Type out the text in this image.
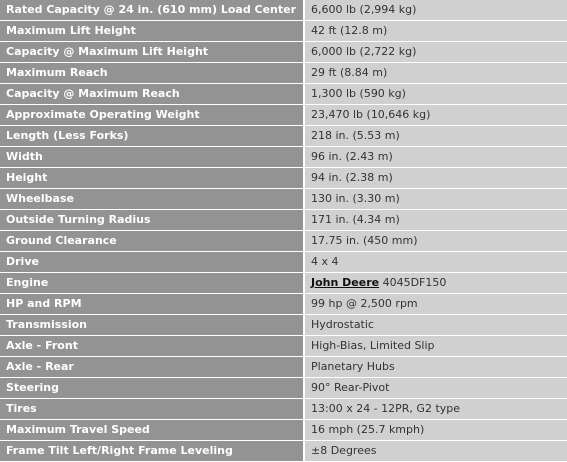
Rated Capacity @ 24 in. (610 mm) Load Center	6,600 lb (2,994 kg)
Maximum Lift Height	42 ft (12.8 m)
Capacity @ Maximum Lift Height	6,000 lb (2,722 kg)
Maximum Reach	29 ft (8.84 m)
Capacity @ Maximum Reach	1,300 lb (590 kg)
Approximate Operating Weight	23,470 lb (10,646 kg)
Length (Less Forks)	218 in. (5.53 m)
Width	96 in. (2.43 m)
Height	94 in. (2.38 m)
Wheelbase	130 in. (3.30 m)
Outside Turning Radius	171 in. (4.34 m)
Ground Clearance	17.75 in. (450 mm)
Drive	4 x 4
Engine	John Deere 4045DF150
HP and RPM	99 hp @ 2,500 rpm
Transmission	Hydrostatic
Axle - Front	High-Bias, Limited Slip
Axle - Rear	Planetary Hubs
Steering	90° Rear-Pivot
Tires	13:00 x 24 - 12PR, G2 type
Maximum Travel Speed	16 mph (25.7 kmph)
Frame Tilt Left/Right Frame Leveling	±8 Degrees
